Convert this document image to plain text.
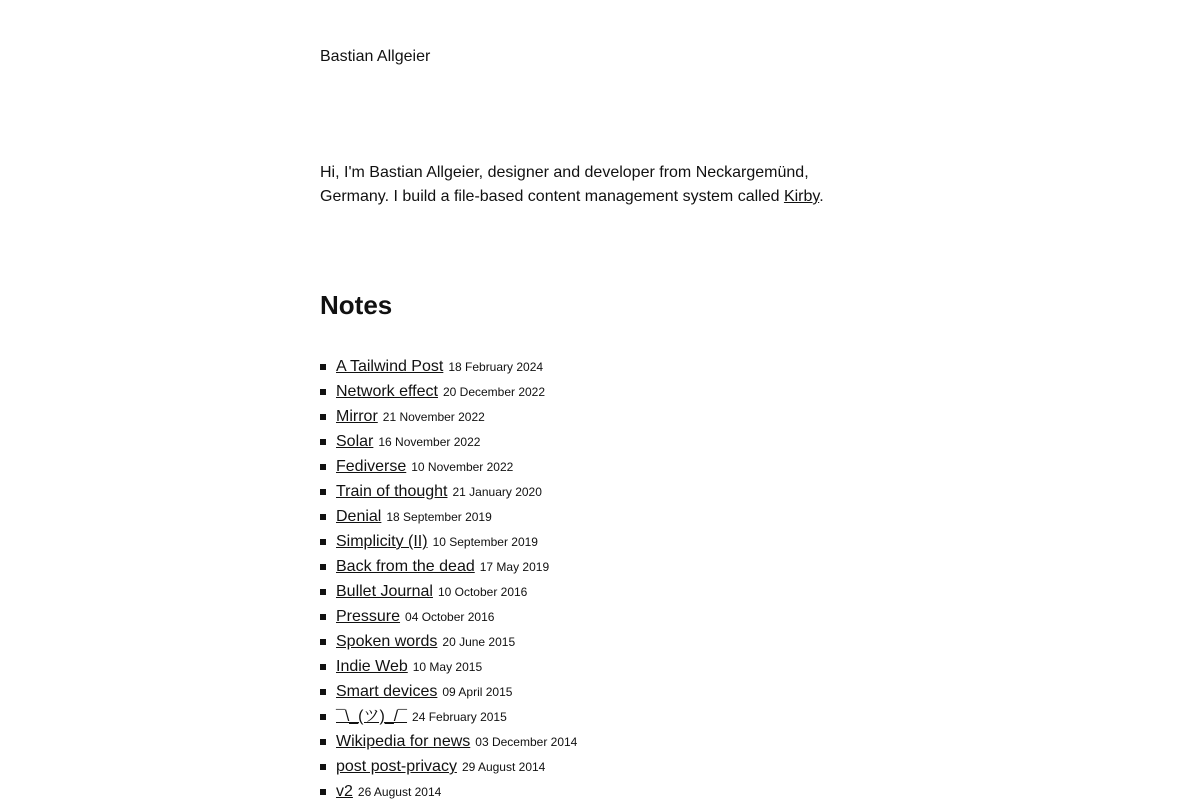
Bastian Allgeier

Hi, I'm Bastian Allgeier, designer and developer from Neckargemünd, Germany. I build a file-based content management system called Kirby.

Notes
A Tailwind Post 18 February 2024
Network effect 20 December 2022
Mirror 21 November 2022
Solar 16 November 2022
Fediverse 10 November 2022
Train of thought 21 January 2020
Denial 18 September 2019
Simplicity (II) 10 September 2019
Back from the dead 17 May 2019
Bullet Journal 10 October 2016
Pressure 04 October 2016
Spoken words 20 June 2015
Indie Web 10 May 2015
Smart devices 09 April 2015
¯\_(ツ)_/¯ 24 February 2015
Wikipedia for news 03 December 2014
post post-privacy 29 August 2014
v2 26 August 2014
